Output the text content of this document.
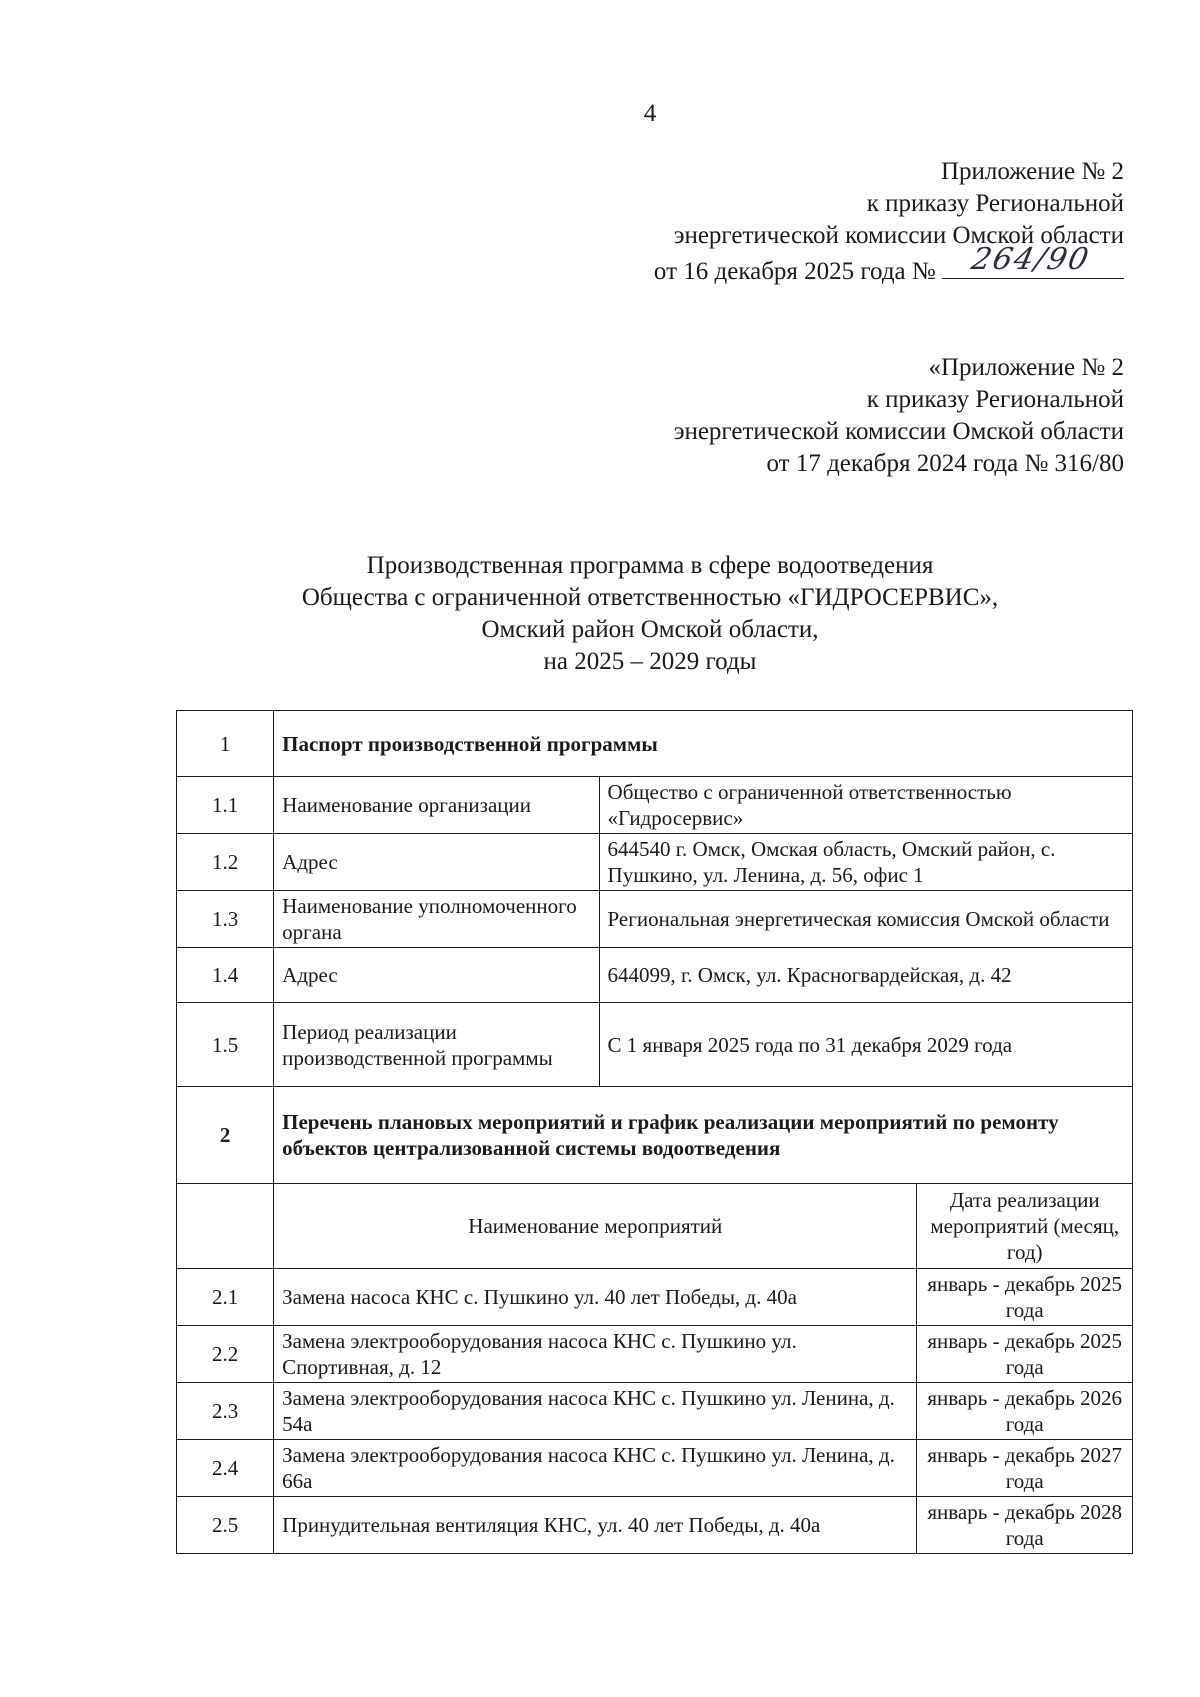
4
Приложение № 2
к приказу Региональной
энергетической комиссии Омской области
от 16 декабря 2025 года № 264/90
«Приложение № 2
к приказу Региональной
энергетической комиссии Омской области
от 17 декабря 2024 года № 316/80
Производственная программа в сфере водоотведения
Общества с ограниченной ответственностью «ГИДРОСЕРВИС»,
Омский район Омской области,
на 2025 – 2029 годы
1	Паспорт производственной программы		
1.1	Наименование организации	Общество с ограниченной ответственностью «Гидросервис»	
1.2	Адрес	644540 г. Омск, Омская область, Омский район, с. Пушкино, ул. Ленина, д. 56, офис 1	
1.3	Наименование уполномоченного органа	Региональная энергетическая комиссия Омской области	
1.4	Адрес	644099, г. Омск, ул. Красногвардейская, д. 42	
1.5	Период реализации производственной программы	С 1 января 2025 года по 31 декабря 2029 года	
2	Перечень плановых мероприятий и график реализации мероприятий по ремонту объектов централизованной системы водоотведения		
	Наименование мероприятий		Дата реализации мероприятий (месяц, год)
2.1	Замена насоса КНС с. Пушкино ул. 40 лет Победы, д. 40а		январь - декабрь 2025 года
2.2	Замена электрооборудования насоса КНС с. Пушкино ул. Спортивная, д. 12		январь - декабрь 2025 года
2.3	Замена электрооборудования насоса КНС с. Пушкино ул. Ленина, д. 54а		январь - декабрь 2026 года
2.4	Замена электрооборудования насоса КНС с. Пушкино ул. Ленина, д. 66а		январь - декабрь 2027 года
2.5	Принудительная вентиляция КНС, ул. 40 лет Победы, д. 40а		январь - декабрь 2028 года
